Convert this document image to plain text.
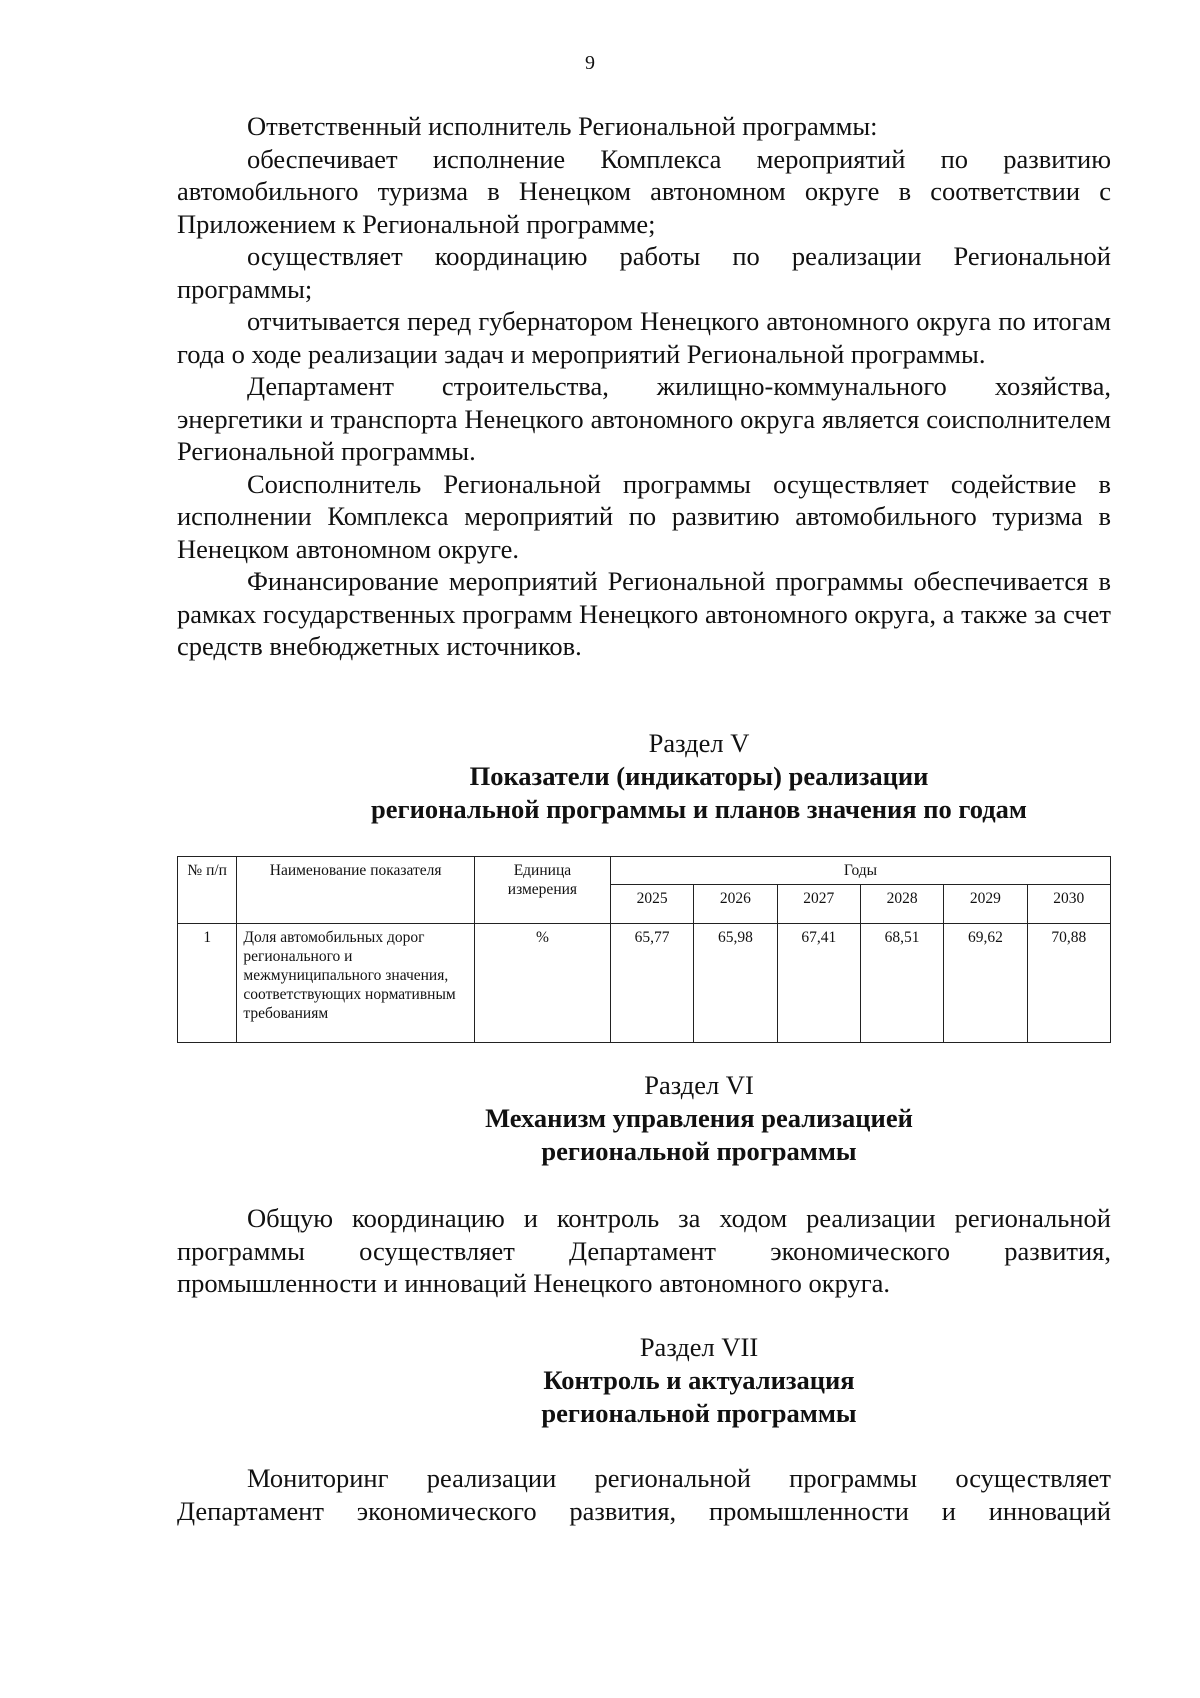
9

Ответственный исполнитель Региональной программы:

обеспечивает исполнение Комплекса мероприятий по развитию автомобильного туризма в Ненецком автономном округе в соответствии с Приложением к Региональной программе;

осуществляет координацию работы по реализации Региональной программы;

отчитывается перед губернатором Ненецкого автономного округа по итогам года о ходе реализации задач и мероприятий Региональной программы.

Департамент строительства, жилищно-коммунального хозяйства, энергетики и транспорта Ненецкого автономного округа является соисполнителем Региональной программы.

Соисполнитель Региональной программы осуществляет содействие в исполнении Комплекса мероприятий по развитию автомобильного туризма в Ненецком автономном округе.

Финансирование мероприятий Региональной программы обеспечивается в рамках государственных программ Ненецкого автономного округа, а также за счет средств внебюджетных источников.

Раздел V
Показатели (индикаторы) реализации
региональной программы и планов значения по годам
№ п/п	Наименование показателя	Единица измерения	Годы					
			2025	2026	2027	2028	2029	2030
1	Доля автомобильных дорог регионального и межмуниципального значения, соответствующих нормативным требованиям	%	65,77	65,98	67,41	68,51	69,62	70,88
Раздел VI
Механизм управления реализацией
региональной программы

Общую координацию и контроль за ходом реализации региональной программы осуществляет Департамент экономического развития, промышленности и инноваций Ненецкого автономного округа.

Раздел VII
Контроль и актуализация
региональной программы

Мониторинг реализации региональной программы осуществляет Департамент экономического развития, промышленности и инноваций
